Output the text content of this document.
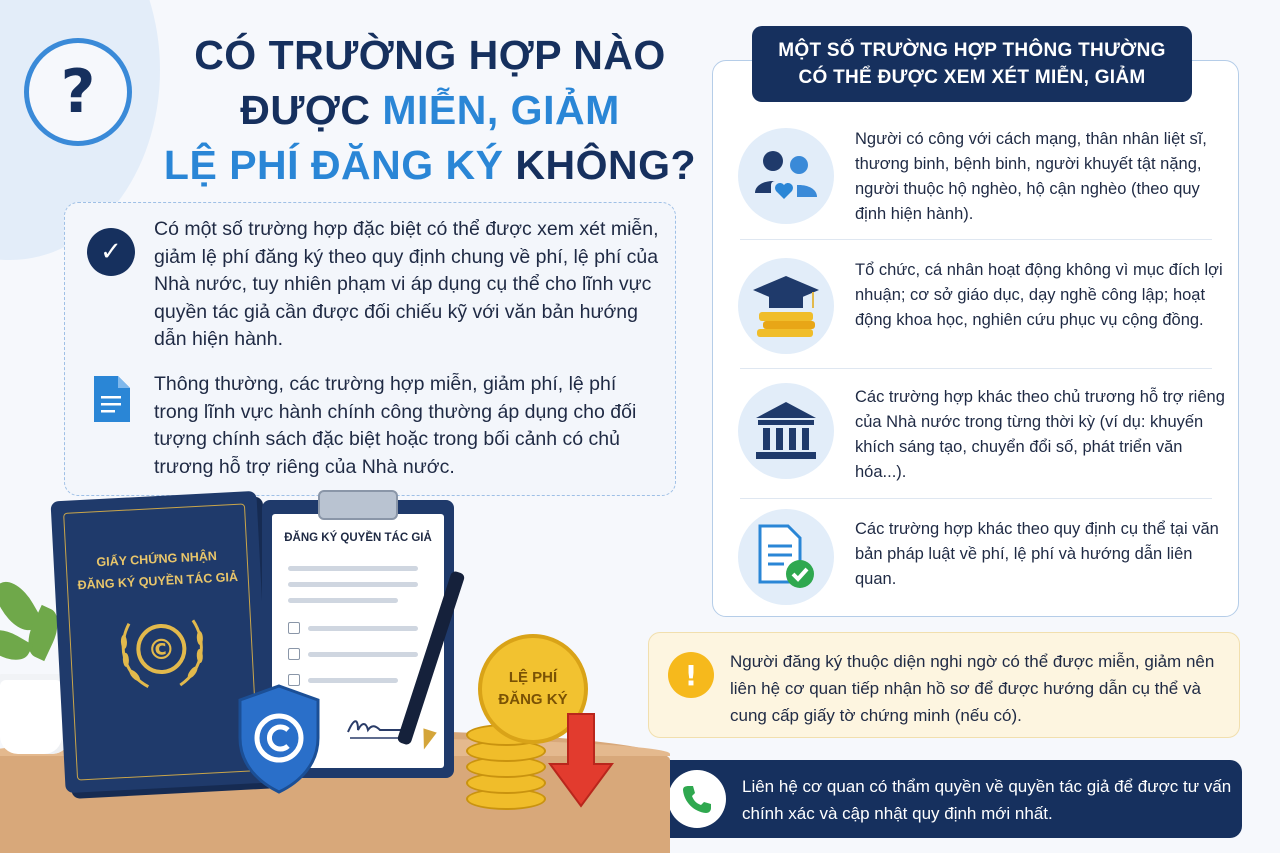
?
CÓ TRƯỜNG HỢP NÀO
ĐƯỢC MIỄN, GIẢM
LỆ PHÍ ĐĂNG KÝ KHÔNG?
✓
Có một số trường hợp đặc biệt có thể được xem xét miễn, giảm lệ phí đăng ký theo quy định chung về phí, lệ phí của Nhà nước, tuy nhiên phạm vi áp dụng cụ thể cho lĩnh vực quyền tác giả cần được đối chiếu kỹ với văn bản hướng dẫn hiện hành.
Thông thường, các trường hợp miễn, giảm phí, lệ phí trong lĩnh vực hành chính công thường áp dụng cho đối tượng chính sách đặc biệt hoặc trong bối cảnh có chủ trương hỗ trợ riêng của Nhà nước.
MỘT SỐ TRƯỜNG HỢP THÔNG THƯỜNG
CÓ THỂ ĐƯỢC XEM XÉT MIỄN, GIẢM
Người có công với cách mạng, thân nhân liệt sĩ, thương binh, bệnh binh, người khuyết tật nặng, người thuộc hộ nghèo, hộ cận nghèo (theo quy định hiện hành).
Tổ chức, cá nhân hoạt động không vì mục đích lợi nhuận; cơ sở giáo dục, dạy nghề công lập; hoạt động khoa học, nghiên cứu phục vụ cộng đồng.
Các trường hợp khác theo chủ trương hỗ trợ riêng của Nhà nước trong từng thời kỳ (ví dụ: khuyến khích sáng tạo, chuyển đổi số, phát triển văn hóa...).
Các trường hợp khác theo quy định cụ thể tại văn bản pháp luật về phí, lệ phí và hướng dẫn liên quan.
! Người đăng ký thuộc diện nghi ngờ có thể được miễn, giảm nên liên hệ cơ quan tiếp nhận hồ sơ để được hướng dẫn cụ thể và cung cấp giấy tờ chứng minh (nếu có).
Liên hệ cơ quan có thẩm quyền về quyền tác giả để được tư vấn chính xác và cập nhật quy định mới nhất.
GIẤY CHỨNG NHẬN
ĐĂNG KÝ QUYỀN TÁC GIẢ
©
ĐĂNG KÝ QUYỀN TÁC GIẢ
LỆ PHÍ
ĐĂNG KÝ
